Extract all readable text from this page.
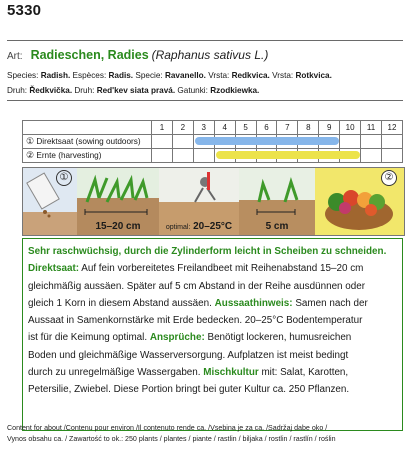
5330
Art: Radieschen, Radies (Raphanus sativus L.)
Species: Radish. Espèces: Radis. Specie: Ravanello. Vrsta: Redkvica. Vrsta: Rotkvica.
Druh: Ředkvička. Druh: Red'kev siata pravá. Gatunki: Rzodkiewka.
	1	2	3	4	5	6	7	8	9	10	11	12
① Direktsaat (sowing outdoors)			

② Ernte (harvesting)				

①
15–20 cm	optimal: 20–25°C	5 cm
②
Sehr raschwüchsig, durch die Zylinderform leicht in Scheiben zu schneiden.
Direktsaat: Auf fein vorbereitetes Freilandbeet mit Reihenabstand 15–20 cm
gleichmäßig aussäen. Später auf 5 cm Abstand in der Reihe ausdünnen oder
gleich 1 Korn in diesem Abstand aussäen. Aussaathinweis: Samen nach der
Aussaat in Samenkornstärke mit Erde bedecken. 20–25°C Bodentemperatur
ist für die Keimung optimal. Ansprüche: Benötigt lockeren, humusreichen
Boden und gleichmäßige Wasserversorgung. Aufplatzen ist meist bedingt
durch zu unregelmäßige Wassergaben. Mischkultur mit: Salat, Karotten,
Petersilie, Zwiebel. Diese Portion bringt bei guter Kultur ca. 250 Pflanzen.
Content for about /Contenu pour environ /Il contenuto rende ca. /Vsebina je za ca. /Sadržaj dabe oko /
Vynos obsahu ca. / Zawartość to ok.: 250 plants / plantes / piante / rastlin / biljaka / rostlin / rastlín / roślin
